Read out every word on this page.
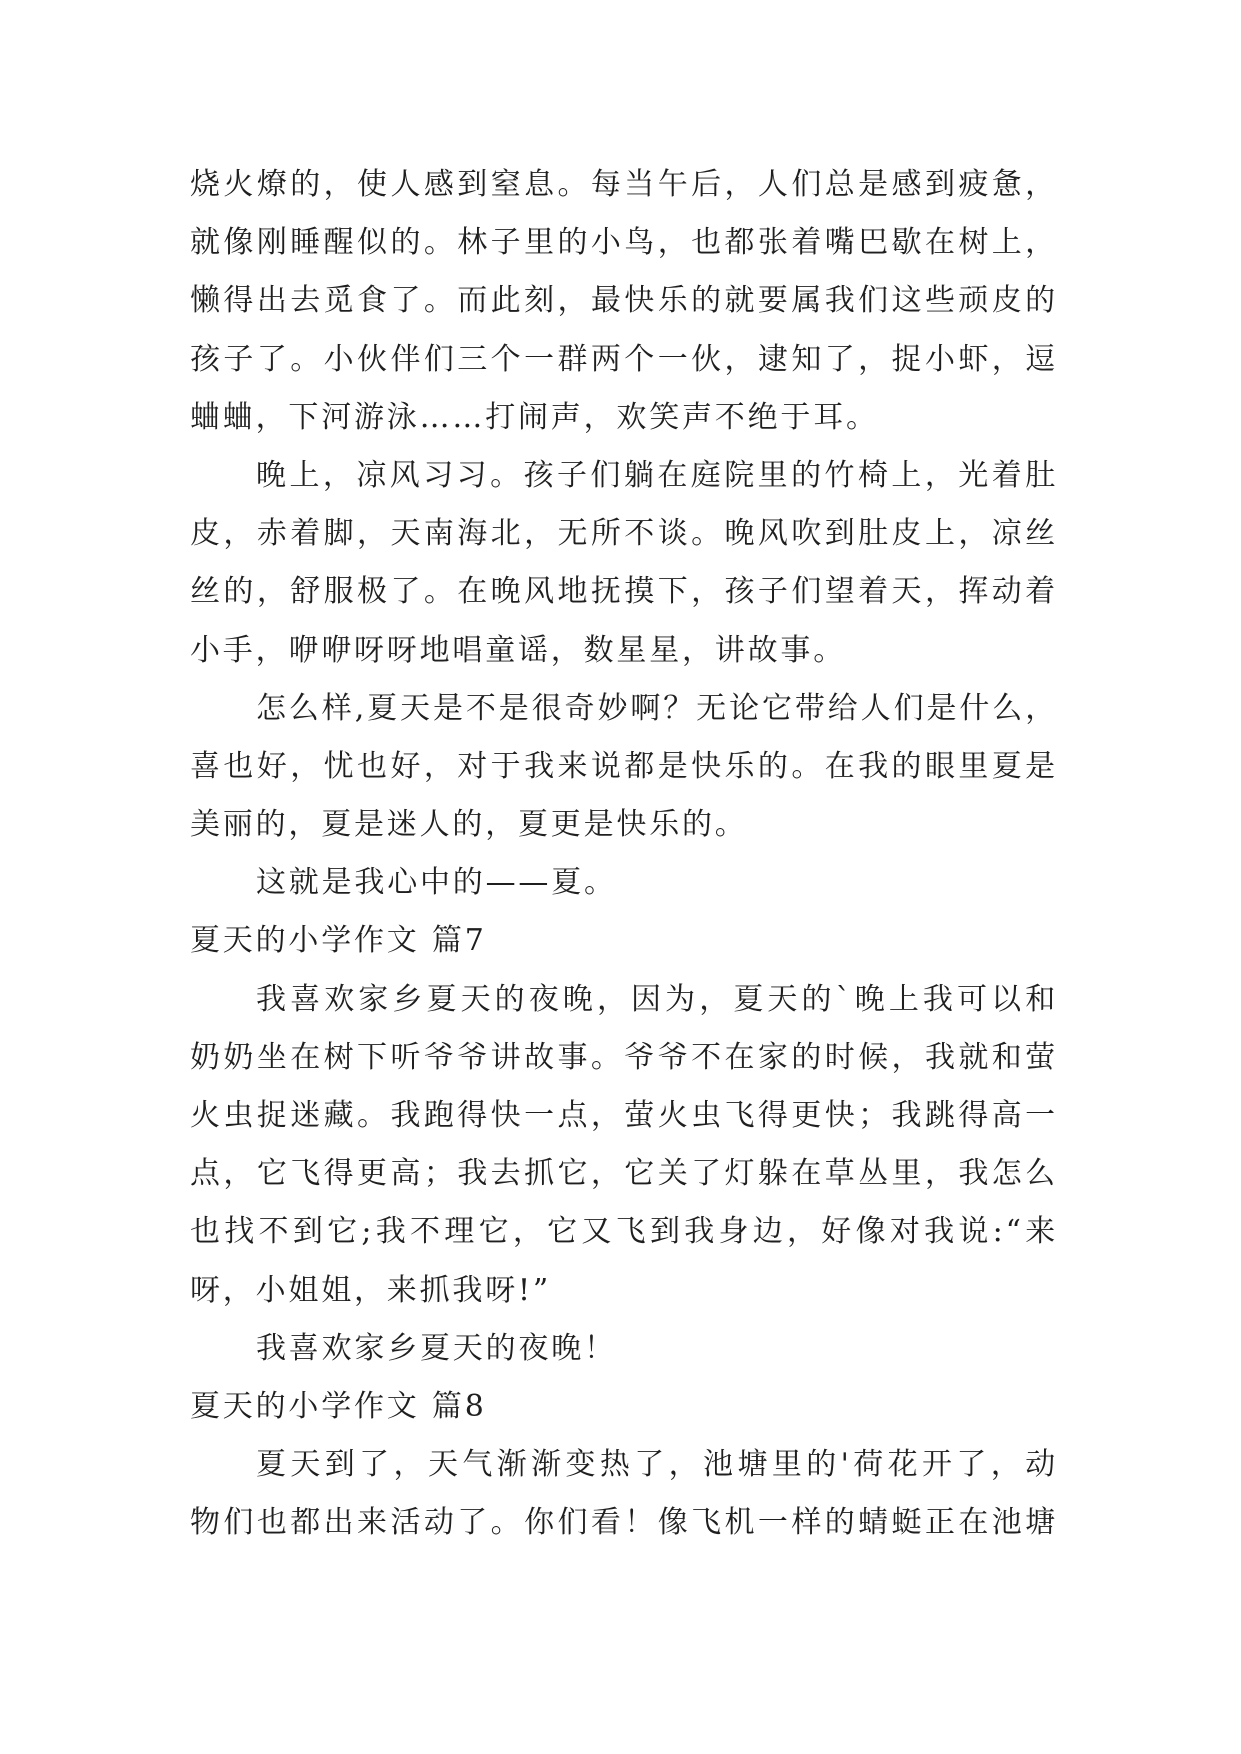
烧火燎的，使人感到窒息。每当午后，人们总是感到疲惫，
就像刚睡醒似的。林子里的小鸟，也都张着嘴巴歇在树上，
懒得出去觅食了。而此刻，最快乐的就要属我们这些顽皮的
孩子了。小伙伴们三个一群两个一伙，逮知了，捉小虾，逗
蛐蛐，下河游泳……打闹声，欢笑声不绝于耳。
晚上，凉风习习。孩子们躺在庭院里的竹椅上，光着肚
皮，赤着脚，天南海北，无所不谈。晚风吹到肚皮上，凉丝
丝的，舒服极了。在晚风地抚摸下，孩子们望着天，挥动着
小手，咿咿呀呀地唱童谣，数星星，讲故事。
怎么样,夏天是不是很奇妙啊？无论它带给人们是什么，
喜也好，忧也好，对于我来说都是快乐的。在我的眼里夏是
美丽的，夏是迷人的，夏更是快乐的。
这就是我心中的——夏。
夏天的小学作文 篇7
我喜欢家乡夏天的夜晚，因为，夏天的`晚上我可以和
奶奶坐在树下听爷爷讲故事。爷爷不在家的时候，我就和萤
火虫捉迷藏。我跑得快一点，萤火虫飞得更快；我跳得高一
点，它飞得更高；我去抓它，它关了灯躲在草丛里，我怎么
也找不到它;我不理它，它又飞到我身边，好像对我说:“来
呀，小姐姐，来抓我呀!”
我喜欢家乡夏天的夜晚！
夏天的小学作文 篇8
夏天到了，天气渐渐变热了，池塘里的'荷花开了，动
物们也都出来活动了。你们看！像飞机一样的蜻蜓正在池塘
